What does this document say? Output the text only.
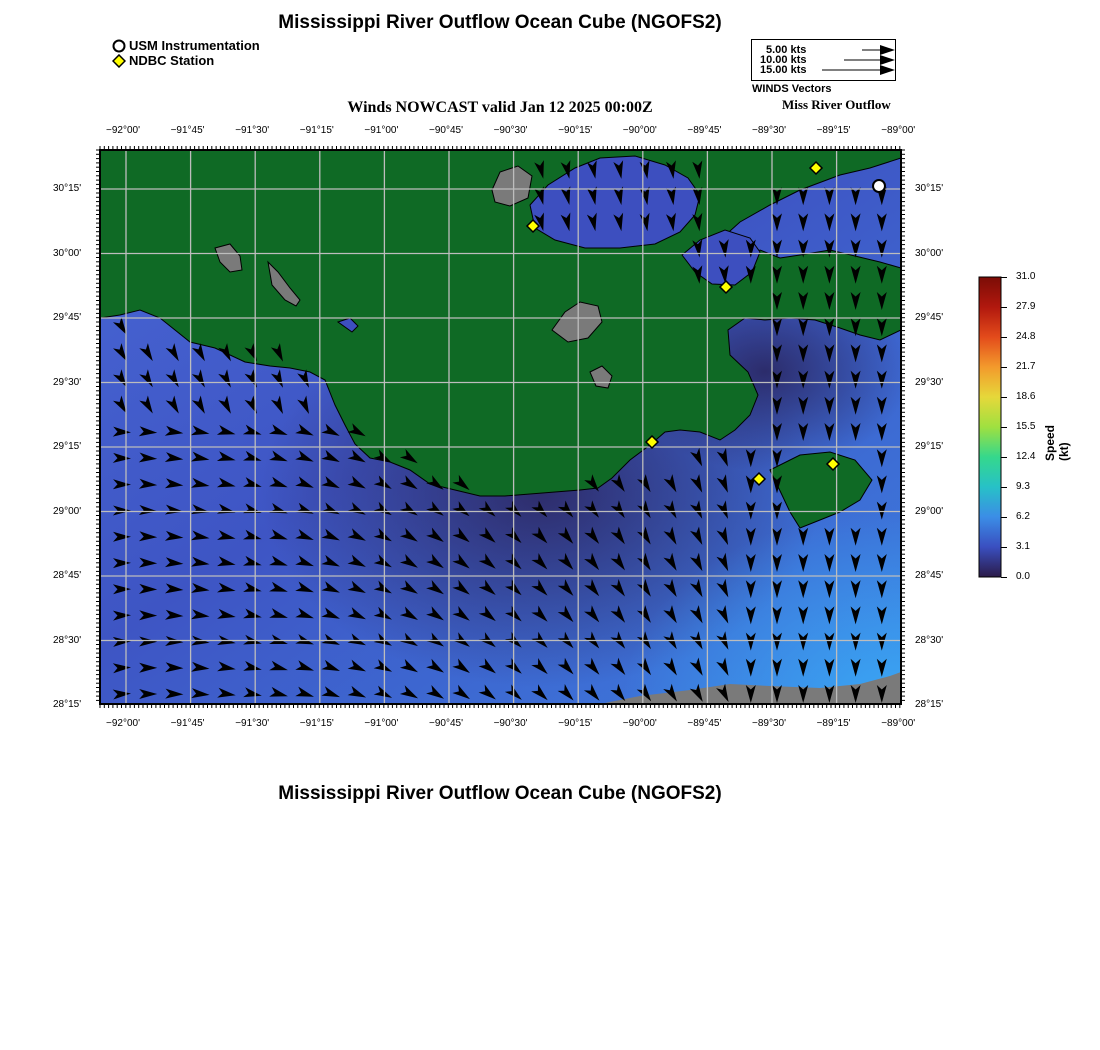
Mississippi River Outflow Ocean Cube (NGOFS2)
USM Instrumentation
NDBC Station
5.00 kts
10.00 kts
15.00 kts
WINDS Vectors
Miss River Outflow
Winds NOWCAST valid Jan 12 2025 00:00Z
−92°00'	−91°45'	−91°30'	−91°15'	−91°00'	−90°45'	−90°30'	−90°15'	−90°00'	−89°45'	−89°30'	−89°15'	−89°00'
−92°00'	−91°45'	−91°30'	−91°15'	−91°00'	−90°45'	−90°30'	−90°15'	−90°00'	−89°45'	−89°30'	−89°15'	−89°00'
30°15'
30°00'
29°45'
29°30'
29°15'
29°00'
28°45'
28°30'
28°15'
30°15'
30°00'
29°45'
29°30'
29°15'
29°00'
28°45'
28°30'
28°15'
31.0
27.9
24.8
21.7
18.6
15.5
12.4
9.3
6.2
3.1
0.0
Speed (kt)
Mississippi River Outflow Ocean Cube (NGOFS2)
